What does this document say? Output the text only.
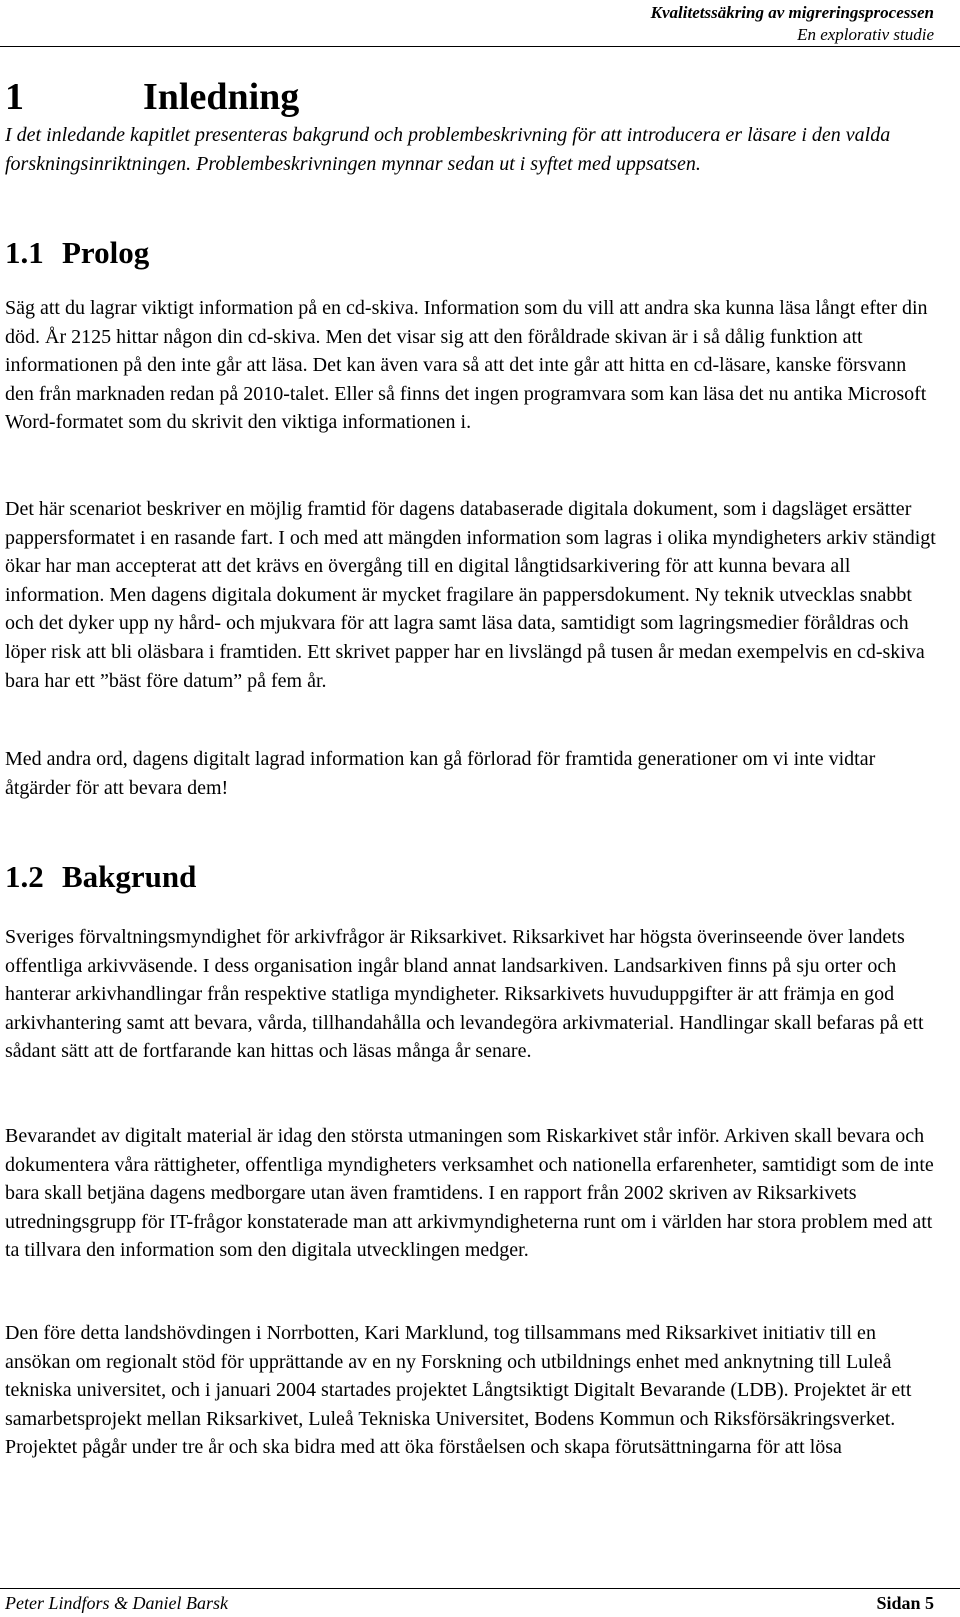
Kvalitetssäkring av migreringsprocessen
En explorativ studie
1	Inledning

I det inledande kapitlet presenteras bakgrund och problembeskrivning för att introducera er läsare i den valda forskningsinriktningen. Problembeskrivningen mynnar sedan ut i syftet med uppsatsen.

1.1 Prolog

Säg att du lagrar viktigt information på en cd-skiva. Information som du vill att andra ska kunna läsa långt efter din död. År 2125 hittar någon din cd-skiva. Men det visar sig att den föråldrade skivan är i så dålig funktion att informationen på den inte går att läsa. Det kan även vara så att det inte går att hitta en cd-läsare, kanske försvann den från marknaden redan på 2010-talet. Eller så finns det ingen programvara som kan läsa det nu antika Microsoft Word-formatet som du skrivit den viktiga informationen i.

Det här scenariot beskriver en möjlig framtid för dagens databaserade digitala dokument, som i dagsläget ersätter pappersformatet i en rasande fart. I och med att mängden information som lagras i olika myndigheters arkiv ständigt ökar har man accepterat att det krävs en övergång till en digital långtidsarkivering för att kunna bevara all information. Men dagens digitala dokument är mycket fragilare än pappersdokument. Ny teknik utvecklas snabbt och det dyker upp ny hård- och mjukvara för att lagra samt läsa data, samtidigt som lagringsmedier föråldras och löper risk att bli oläsbara i framtiden. Ett skrivet papper har en livslängd på tusen år medan exempelvis en cd-skiva bara har ett ”bäst före datum” på fem år.

Med andra ord, dagens digitalt lagrad information kan gå förlorad för framtida generationer om vi inte vidtar åtgärder för att bevara dem!

1.2 Bakgrund

Sveriges förvaltningsmyndighet för arkivfrågor är Riksarkivet. Riksarkivet har högsta överinseende över landets offentliga arkivväsende. I dess organisation ingår bland annat landsarkiven. Landsarkiven finns på sju orter och hanterar arkivhandlingar från respektive statliga myndigheter. Riksarkivets huvuduppgifter är att främja en god arkivhantering samt att bevara, vårda, tillhandahålla och levandegöra arkivmaterial. Handlingar skall befaras på ett sådant sätt att de fortfarande kan hittas och läsas många år senare.

Bevarandet av digitalt material är idag den största utmaningen som Riskarkivet står inför. Arkiven skall bevara och dokumentera våra rättigheter, offentliga myndigheters verksamhet och nationella erfarenheter, samtidigt som de inte bara skall betjäna dagens medborgare utan även framtidens. I en rapport från 2002 skriven av Riksarkivets utredningsgrupp för IT-frågor konstaterade man att arkivmyndigheterna runt om i världen har stora problem med att ta tillvara den information som den digitala utvecklingen medger.

Den före detta landshövdingen i Norrbotten, Kari Marklund, tog tillsammans med Riksarkivet initiativ till en ansökan om regionalt stöd för upprättande av en ny Forskning och utbildnings enhet med anknytning till Luleå tekniska universitet, och i januari 2004 startades projektet Långtsiktigt Digitalt Bevarande (LDB). Projektet är ett samarbetsprojekt mellan Riksarkivet, Luleå Tekniska Universitet, Bodens Kommun och Riksförsäkringsverket. Projektet pågår under tre år och ska bidra med att öka förståelsen och skapa förutsättningarna för att lösa

Peter Lindfors & Daniel Barsk	Sidan 5
